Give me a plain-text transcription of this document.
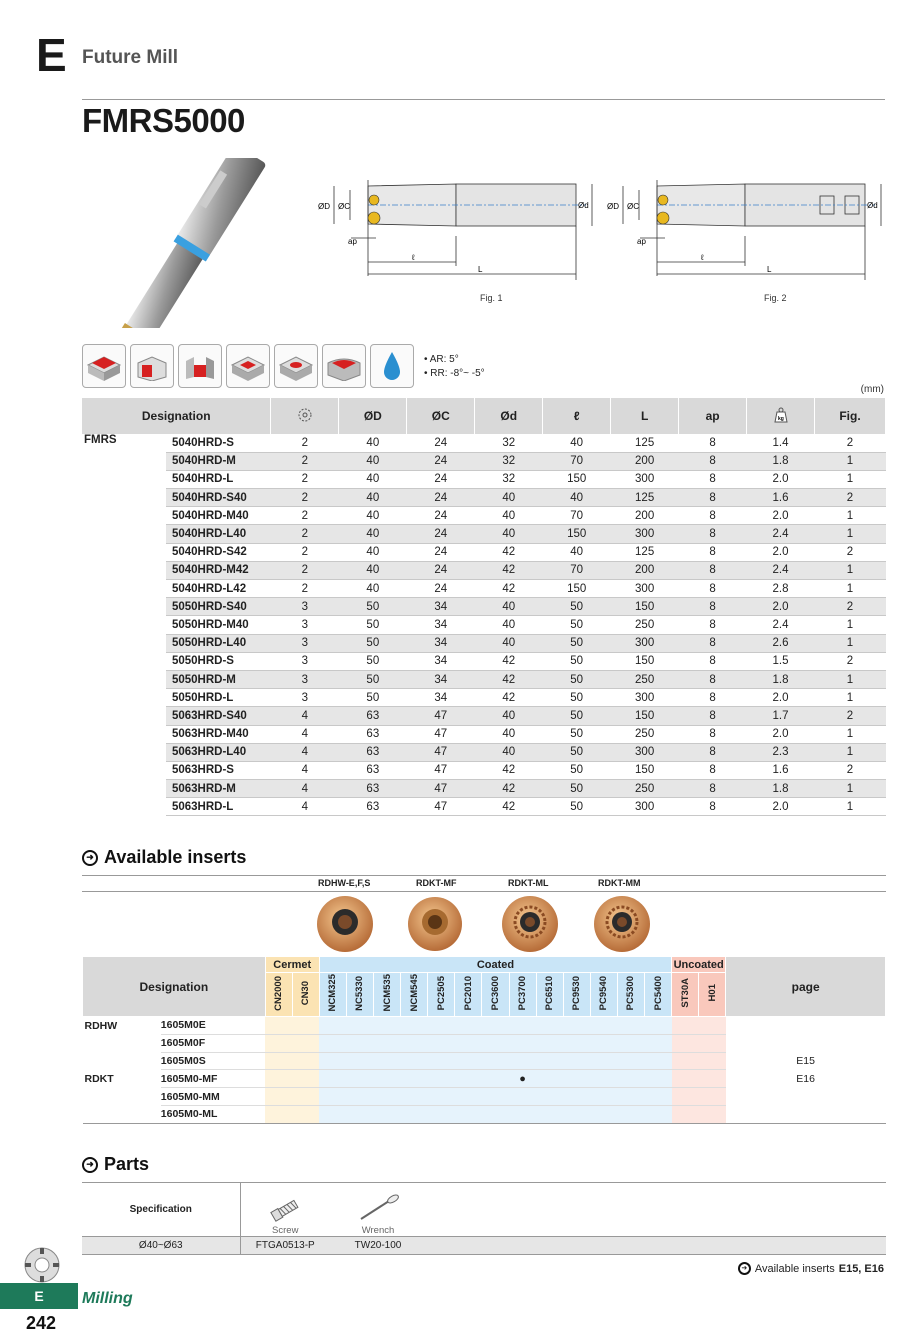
E Future Mill
FMRS5000
ØD ØC	Ød
ap
ℓ
L
Fig. 1
ØD ØC	Ød
ap
ℓ
L
Fig. 2
• AR: 5°
• RR: -8°~ -5°
(mm)
Designation			ØD	ØC	Ød	ℓ	L	ap	kg	Fig.
FMRS	5040HRD-S	2	40	24	32	40	125	8	1.4	2
	5040HRD-M	2	40	24	32	70	200	8	1.8	1
	5040HRD-L	2	40	24	32	150	300	8	2.0	1
	5040HRD-S40	2	40	24	40	40	125	8	1.6	2
	5040HRD-M40	2	40	24	40	70	200	8	2.0	1
	5040HRD-L40	2	40	24	40	150	300	8	2.4	1
	5040HRD-S42	2	40	24	42	40	125	8	2.0	2
	5040HRD-M42	2	40	24	42	70	200	8	2.4	1
	5040HRD-L42	2	40	24	42	150	300	8	2.8	1
	5050HRD-S40	3	50	34	40	50	150	8	2.0	2
	5050HRD-M40	3	50	34	40	50	250	8	2.4	1
	5050HRD-L40	3	50	34	40	50	300	8	2.6	1
	5050HRD-S	3	50	34	42	50	150	8	1.5	2
	5050HRD-M	3	50	34	42	50	250	8	1.8	1
	5050HRD-L	3	50	34	42	50	300	8	2.0	1
	5063HRD-S40	4	63	47	40	50	150	8	1.7	2
	5063HRD-M40	4	63	47	40	50	250	8	2.0	1
	5063HRD-L40	4	63	47	40	50	300	8	2.3	1
	5063HRD-S	4	63	47	42	50	150	8	1.6	2
	5063HRD-M	4	63	47	42	50	250	8	1.8	1
	5063HRD-L	4	63	47	42	50	300	8	2.0	1
➜ Available inserts
RDHW-E,F,S	RDKT-MF	RDKT-ML	RDKT-MM
Designation		Cermet		Coated													Uncoated		page
		CN2000	CN30	NCM325	NC5330	NCM535	NCM545	PC2505	PC2010	PC3600	PC3700	PC6510	PC9530	PC9540	PC5300	PC5400	ST30A	H01	
RDHW	1605M0E																		
	1605M0F																		
	1605M0S																		E15
RDKT	1605M0-MF										●								E16
	1605M0-MM																		
	1605M0-ML																		
➜ Parts
Specification	Screw	Wrench	

Ø40~Ø63	FTGA0513-P	TW20-100	
➜ Available inserts E15, E16
E	Milling
242
